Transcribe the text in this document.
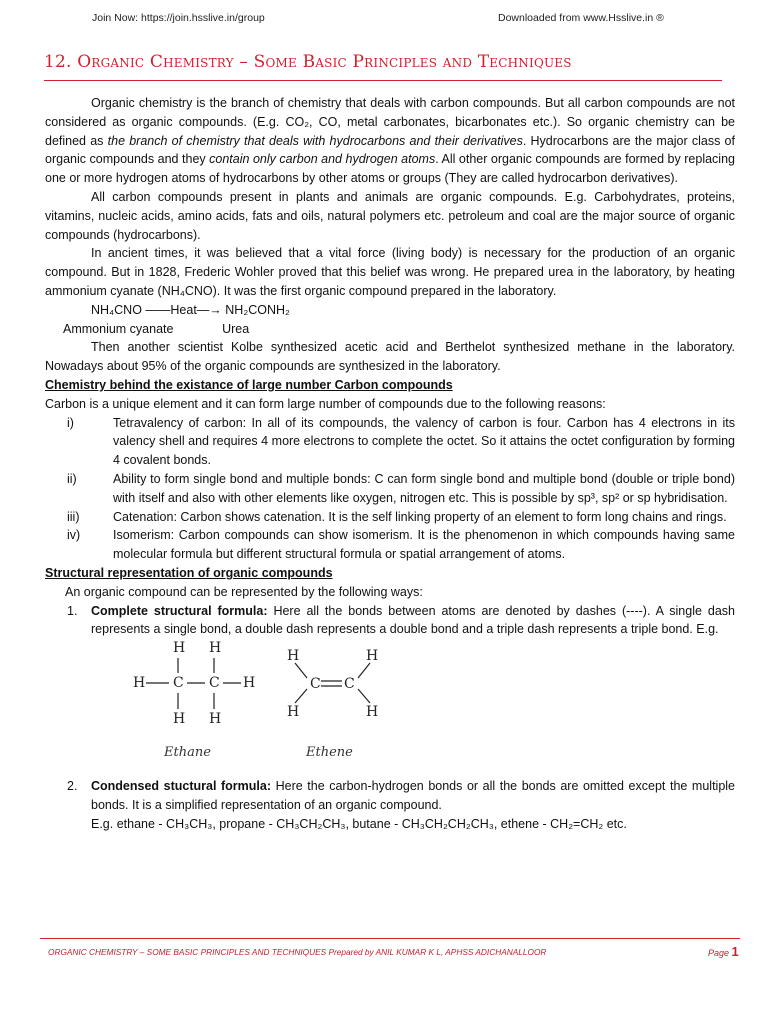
Join Now: https://join.hsslive.in/group	Downloaded from www.Hsslive.in ®
12. Organic Chemistry – Some Basic Principles and Techniques

Organic chemistry is the branch of chemistry that deals with carbon compounds. But all carbon compounds are not considered as organic compounds. (E.g. CO₂, CO, metal carbonates, bicarbonates etc.). So organic chemistry can be defined as the branch of chemistry that deals with hydrocarbons and their derivatives. Hydrocarbons are the major class of organic compounds and they contain only carbon and hydrogen atoms. All other organic compounds are formed by replacing one or more hydrogen atoms of hydrocarbons by other atoms or groups (They are called hydrocarbon derivatives).

All carbon compounds present in plants and animals are organic compounds. E.g. Carbohydrates, proteins, vitamins, nucleic acids, amino acids, fats and oils, natural polymers etc. petroleum and coal are the major source of organic compounds (hydrocarbons).

In ancient times, it was believed that a vital force (living body) is necessary for the production of an organic compound. But in 1828, Frederic Wohler proved that this belief was wrong. He prepared urea in the laboratory, by heating ammonium cyanate (NH₄CNO). It was the first organic compound prepared in the laboratory.

NH₄CNO ——Heat—→ NH₂CONH₂
Ammonium cyanate              Urea

Then another scientist Kolbe synthesized acetic acid and Berthelot synthesized methane in the laboratory. Nowadays about 95% of the organic compounds are synthesized in the laboratory.

Chemistry behind the existance of large number Carbon compounds

Carbon is a unique element and it can form large number of compounds due to the following reasons:

i)	Tetravalency of carbon: In all of its compounds, the valency of carbon is four. Carbon has 4 electrons in its valency shell and requires 4 more electrons to complete the octet. So it attains the octet configuration by forming 4 covalent bonds.

ii)	Ability to form single bond and multiple bonds: C can form single bond and multiple bond (double or triple bond) with itself and also with other elements like oxygen, nitrogen etc. This is possible by sp³, sp² or sp hybridisation.

iii)	Catenation: Carbon shows catenation. It is the self linking property of an element to form long chains and rings.

iv)	Isomerism: Carbon compounds can show isomerism. It is the phenomenon in which compounds having same molecular formula but different structural formula or spatial arrangement of atoms.

Structural representation of organic compounds
An organic compound can be represented by the following ways:
1. Complete structural formula: Here all the bonds between atoms are denoted by dashes (----). A single dash represents a single bond, a double dash represents a double bond and a triple dash represents a triple bond. E.g.

H H
H C C H
H H
H
H
C C
H
H
Ethane	Ethene
2. Condensed stuctural formula: Here the carbon-hydrogen bonds or all the bonds are omitted except the multiple bonds. It is a simplified representation of an organic compound.

E.g. ethane - CH₃CH₃, propane - CH₃CH₂CH₃, butane - CH₃CH₂CH₂CH₃, ethene - CH₂=CH₂ etc.

ORGANIC CHEMISTRY – SOME BASIC PRINCIPLES AND TECHNIQUES Prepared by ANIL KUMAR K L, APHSS ADICHANALLOOR	Page 1
